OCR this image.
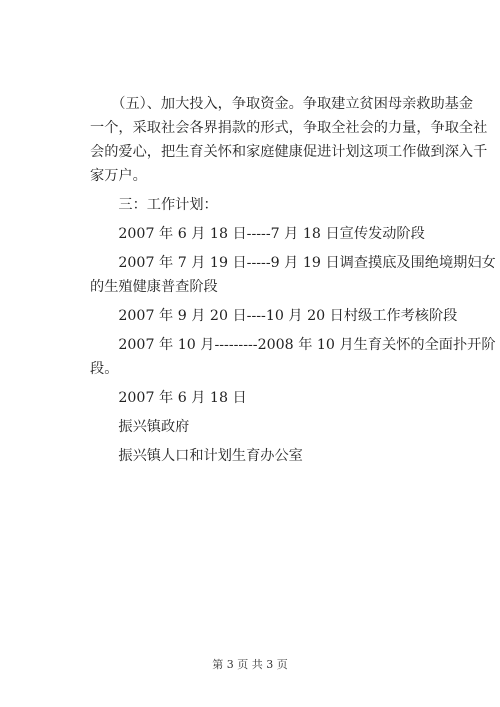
　　（五）、加大投入，争取资金。争取建立贫困母亲救助基金
一个，采取社会各界捐款的形式，争取全社会的力量，争取全社
会的爱心，把生育关怀和家庭健康促进计划这项工作做到深入千
家万户。
　　三：工作计划：
　　2007 年 6 月 18 日-----7 月 18 日宣传发动阶段
　　2007 年 7 月 19 日-----9 月 19 日调查摸底及围绝境期妇女
的生殖健康普查阶段
　　2007 年 9 月 20 日----10 月 20 日村级工作考核阶段
　　2007 年 10 月---------2008 年 10 月生育关怀的全面扑开阶
段。
　　2007 年 6 月 18 日
　　振兴镇政府
　　振兴镇人口和计划生育办公室
第 3 页 共 3 页
